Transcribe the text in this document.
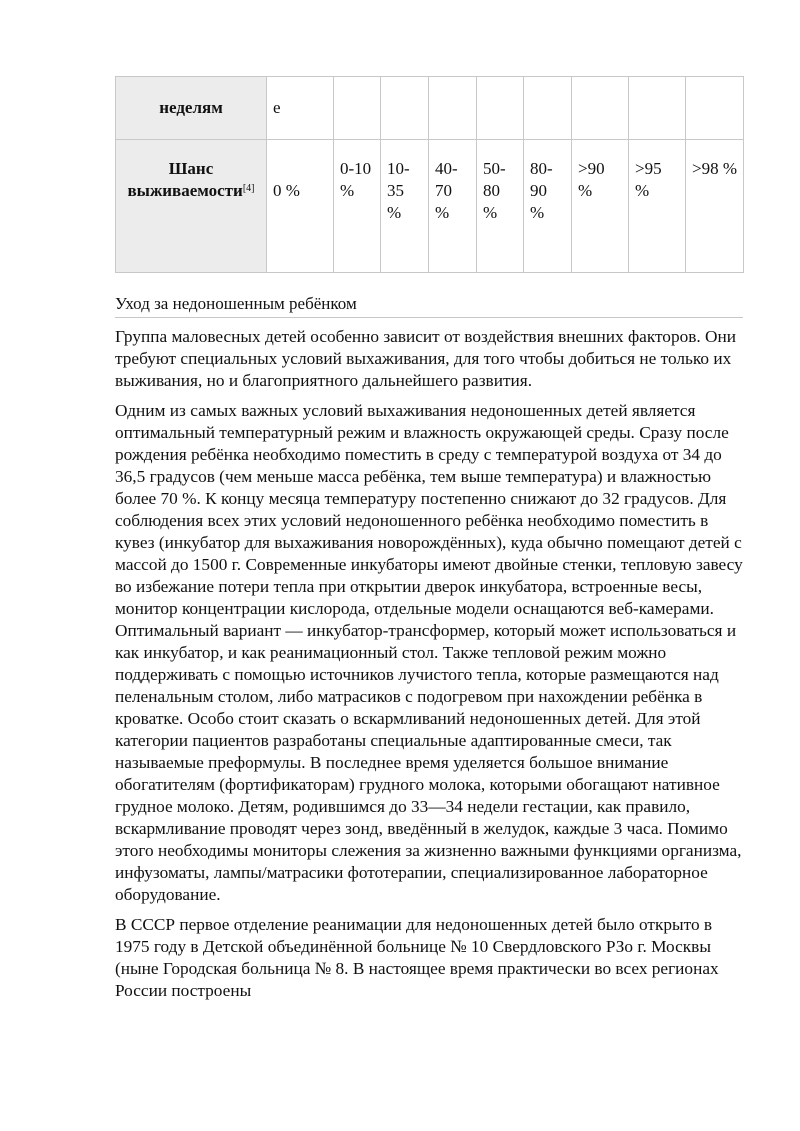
неделям	e								
Шанс выживаемости[4]	0 %	0-10 %	10-35 %	40-70 %	50-80 %	80-90 %	>90 %	>95 %	>98 %
Уход за недоношенным ребёнком

Группа маловесных детей особенно зависит от воздействия внешних факторов. Они требуют специальных условий выхаживания, для того чтобы добиться не только их выживания, но и благоприятного дальнейшего развития.

Одним из самых важных условий выхаживания недоношенных детей является оптимальный температурный режим и влажность окружающей среды. Сразу после рождения ребёнка необходимо поместить в среду с температурой воздуха от 34 до 36,5 градусов (чем меньше масса ребёнка, тем выше температура) и влажностью более 70 %. К концу месяца температуру постепенно снижают до 32 градусов. Для соблюдения всех этих условий недоношенного ребёнка необходимо поместить в кувез (инкубатор для выхаживания новорождённых), куда обычно помещают детей с массой до 1500 г. Современные инкубаторы имеют двойные стенки, тепловую завесу во избежание потери тепла при открытии дверок инкубатора, встроенные весы, монитор концентрации кислорода, отдельные модели оснащаются веб-камерами. Оптимальный вариант — инкубатор-трансформер, который может использоваться и как инкубатор, и как реанимационный стол. Также тепловой режим можно поддерживать с помощью источников лучистого тепла, которые размещаются над пеленальным столом, либо матрасиков с подогревом при нахождении ребёнка в кроватке. Особо стоит сказать о вскармливаний недоношенных детей. Для этой категории пациентов разработаны специальные адаптированные смеси, так называемые преформулы. В последнее время уделяется большое внимание обогатителям (фортификаторам) грудного молока, которыми обогащают нативное грудное молоко. Детям, родившимся до 33—34 недели гестации, как правило, вскармливание проводят через зонд, введённый в желудок, каждые 3 часа. Помимо этого необходимы мониторы слежения за жизненно важными функциями организма, инфузоматы, лампы/матрасики фототерапии, специализированное лабораторное оборудование.

В СССР первое отделение реанимации для недоношенных детей было открыто в 1975 году в Детской объединённой больнице № 10 Свердловского РЗо г. Москвы (ныне Городская больница № 8. В настоящее время практически во всех регионах России построены
